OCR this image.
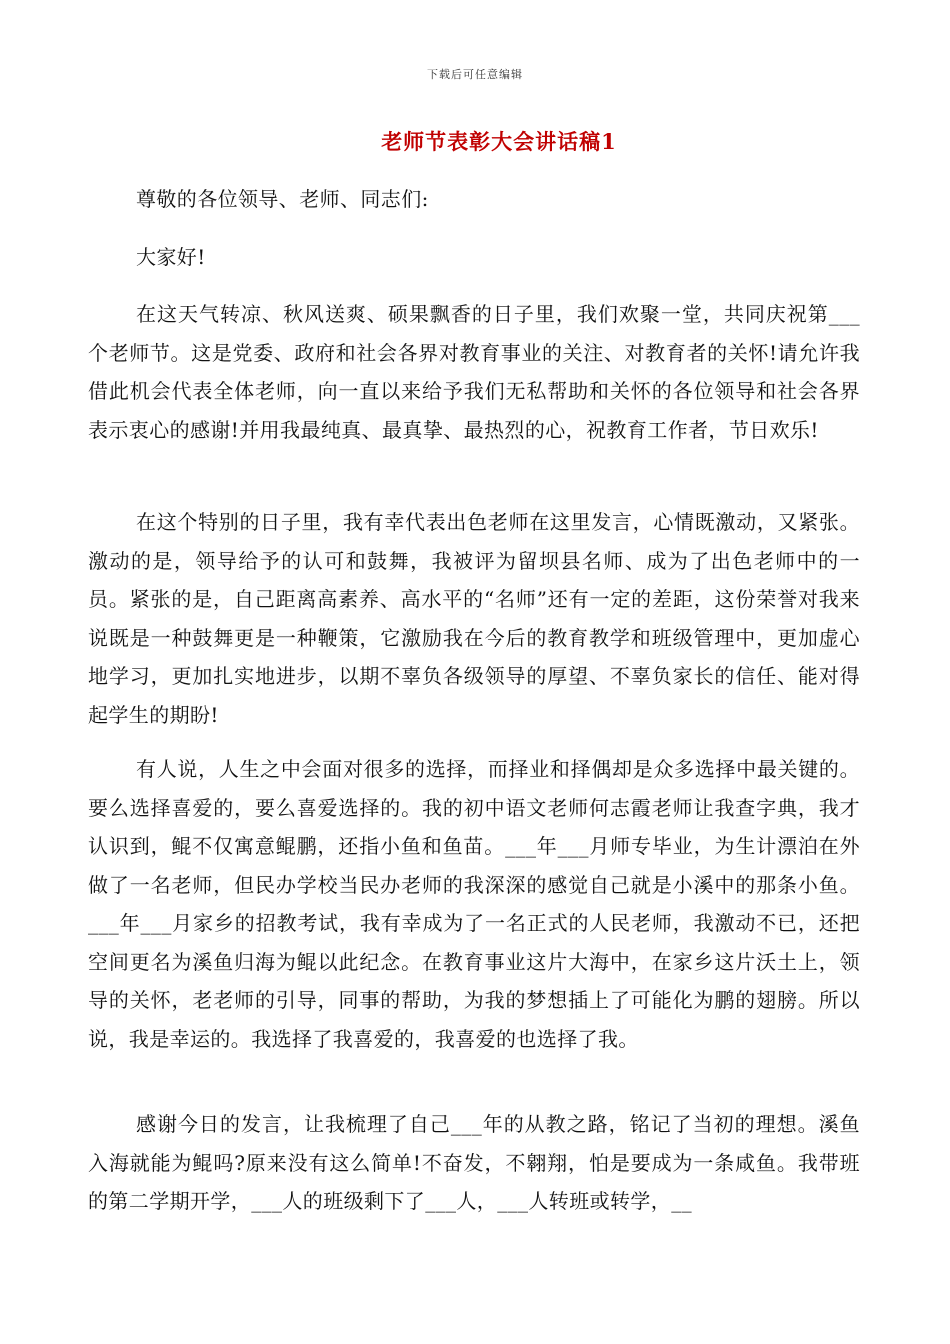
下载后可任意编辑
老师节表彰大会讲话稿1

尊敬的各位领导、老师、同志们:

大家好!

在这天气转凉、秋风送爽、硕果飘香的日子里，我们欢聚一堂，共同庆祝第___个老师节。这是党委、政府和社会各界对教育事业的关注、对教育者的关怀!请允许我借此机会代表全体老师，向一直以来给予我们无私帮助和关怀的各位领导和社会各界表示衷心的感谢!并用我最纯真、最真挚、最热烈的心，祝教育工作者，节日欢乐!

在这个特别的日子里，我有幸代表出色老师在这里发言，心情既激动，又紧张。激动的是，领导给予的认可和鼓舞，我被评为留坝县名师、成为了出色老师中的一员。紧张的是，自己距离高素养、高水平的“名师”还有一定的差距，这份荣誉对我来说既是一种鼓舞更是一种鞭策，它激励我在今后的教育教学和班级管理中，更加虚心地学习，更加扎实地进步，以期不辜负各级领导的厚望、不辜负家长的信任、能对得起学生的期盼!

有人说，人生之中会面对很多的选择，而择业和择偶却是众多选择中最关键的。要么选择喜爱的，要么喜爱选择的。我的初中语文老师何志霞老师让我查字典，我才认识到，鲲不仅寓意鲲鹏，还指小鱼和鱼苗。___年___月师专毕业，为生计漂泊在外做了一名老师，但民办学校当民办老师的我深深的感觉自己就是小溪中的那条小鱼。___年___月家乡的招教考试，我有幸成为了一名正式的人民老师，我激动不已，还把空间更名为溪鱼归海为鲲以此纪念。在教育事业这片大海中，在家乡这片沃土上，领导的关怀，老老师的引导，同事的帮助，为我的梦想插上了可能化为鹏的翅膀。所以说，我是幸运的。我选择了我喜爱的，我喜爱的也选择了我。

感谢今日的发言，让我梳理了自己___年的从教之路，铭记了当初的理想。溪鱼入海就能为鲲吗?原来没有这么简单!不奋发，不翱翔，怕是要成为一条咸鱼。我带班的第二学期开学，___人的班级剩下了___人，___人转班或转学，__
